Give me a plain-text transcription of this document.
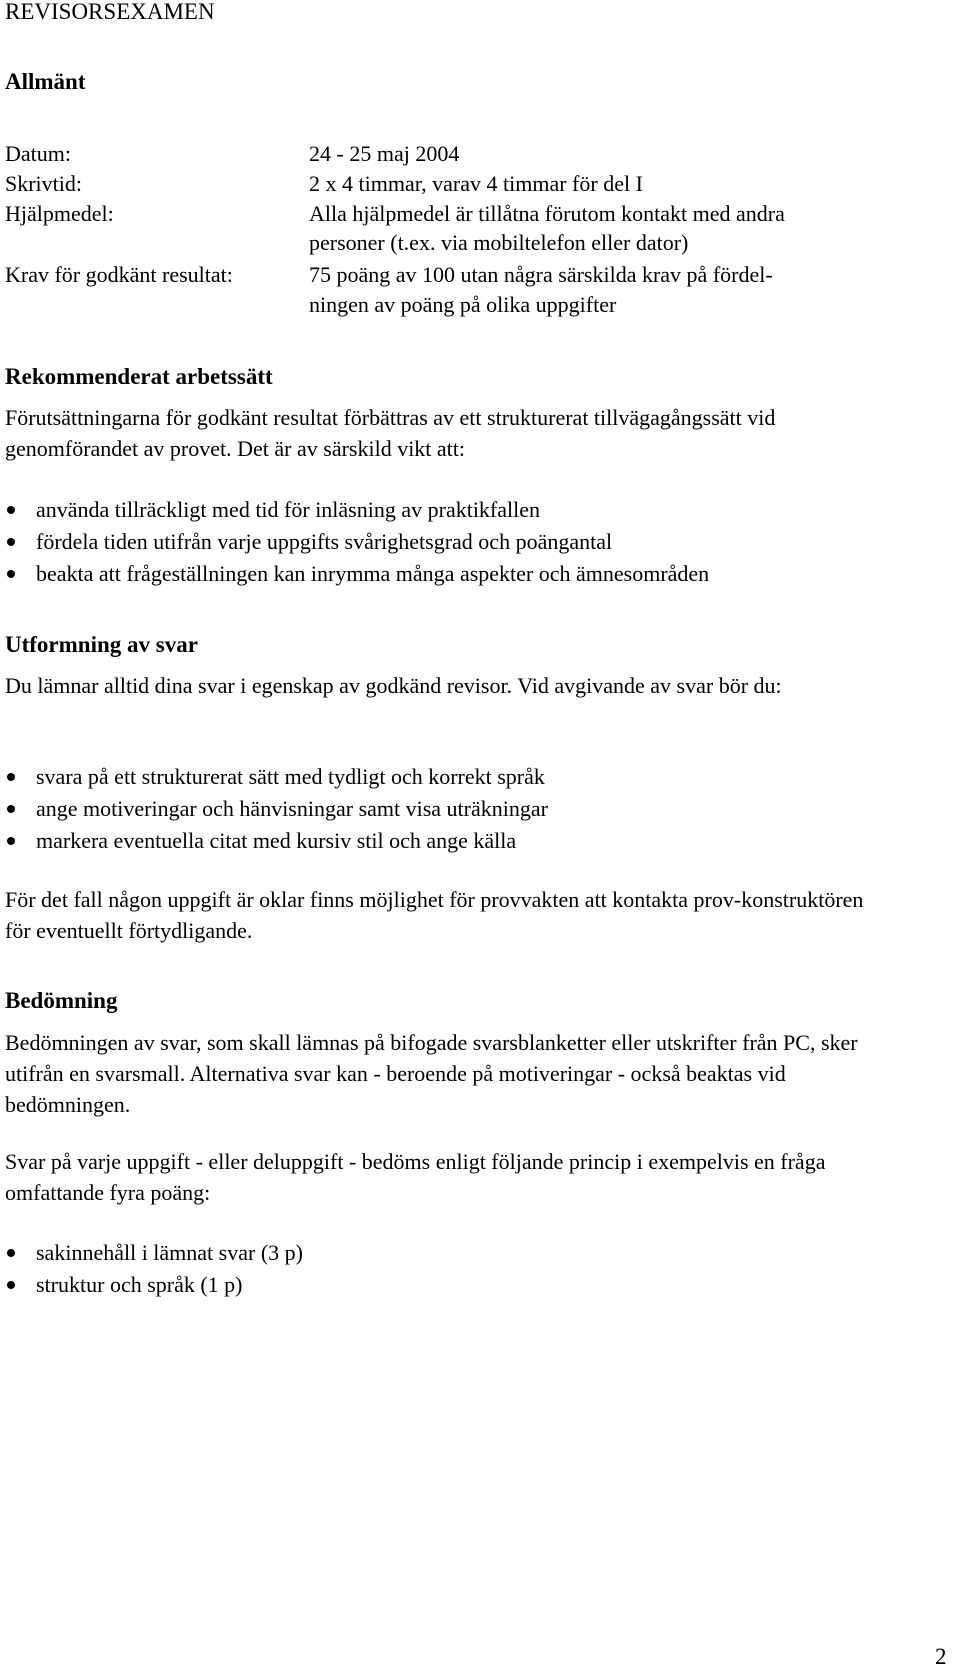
REVISORSEXAMEN
Allmänt
Datum:	24 - 25 maj 2004
Skrivtid:	2 x 4 timmar, varav 4 timmar för del I
Hjälpmedel:	Alla hjälpmedel är tillåtna förutom kontakt med andra
personer (t.ex. via mobiltelefon eller dator)
Krav för godkänt resultat:	75 poäng av 100 utan några särskilda krav på fördel-
ningen av poäng på olika uppgifter
Rekommenderat arbetssätt
Förutsättningarna för godkänt resultat förbättras av ett strukturerat tillvägagångssätt vid genomförandet av provet. Det är av särskild vikt att:
använda tillräckligt med tid för inläsning av praktikfallen
fördela tiden utifrån varje uppgifts svårighetsgrad och poängantal
beakta att frågeställningen kan inrymma många aspekter och ämnesområden
Utformning av svar
Du lämnar alltid dina svar i egenskap av godkänd revisor. Vid avgivande av svar bör du:
svara på ett strukturerat sätt med tydligt och korrekt språk
ange motiveringar och hänvisningar samt visa uträkningar
markera eventuella citat med kursiv stil och ange källa
För det fall någon uppgift är oklar finns möjlighet för provvakten att kontakta prov-konstruktören för eventuellt förtydligande.
Bedömning
Bedömningen av svar, som skall lämnas på bifogade svarsblanketter eller utskrifter från PC, sker utifrån en svarsmall. Alternativa svar kan - beroende på motiveringar - också beaktas vid bedömningen.
Svar på varje uppgift - eller deluppgift - bedöms enligt följande princip i exempelvis en fråga omfattande fyra poäng:
sakinnehåll i lämnat svar (3 p)
struktur och språk (1 p)
2
